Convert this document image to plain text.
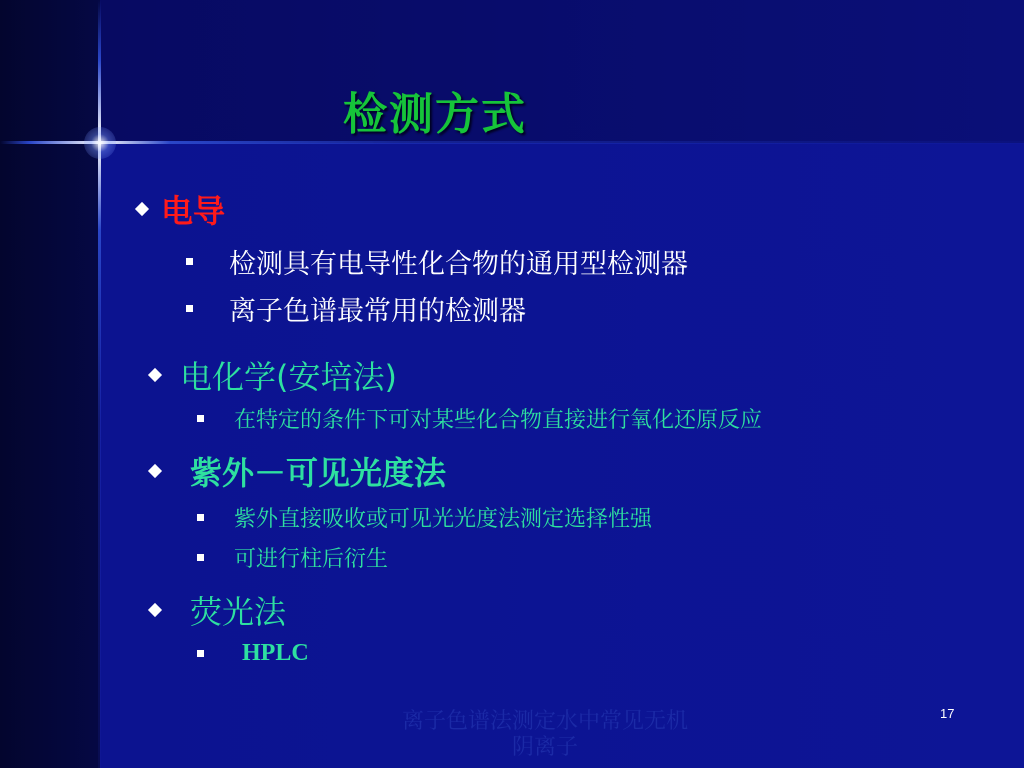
检测方式
电导
检测具有电导性化合物的通用型检测器
离子色谱最常用的检测器
电化学(安培法)
在特定的条件下可对某些化合物直接进行氧化还原反应
紫外－可见光度法
紫外直接吸收或可见光光度法测定选择性强
可进行柱后衍生
荧光法
HPLC
17
离子色谱法测定水中常见无机阴离子
